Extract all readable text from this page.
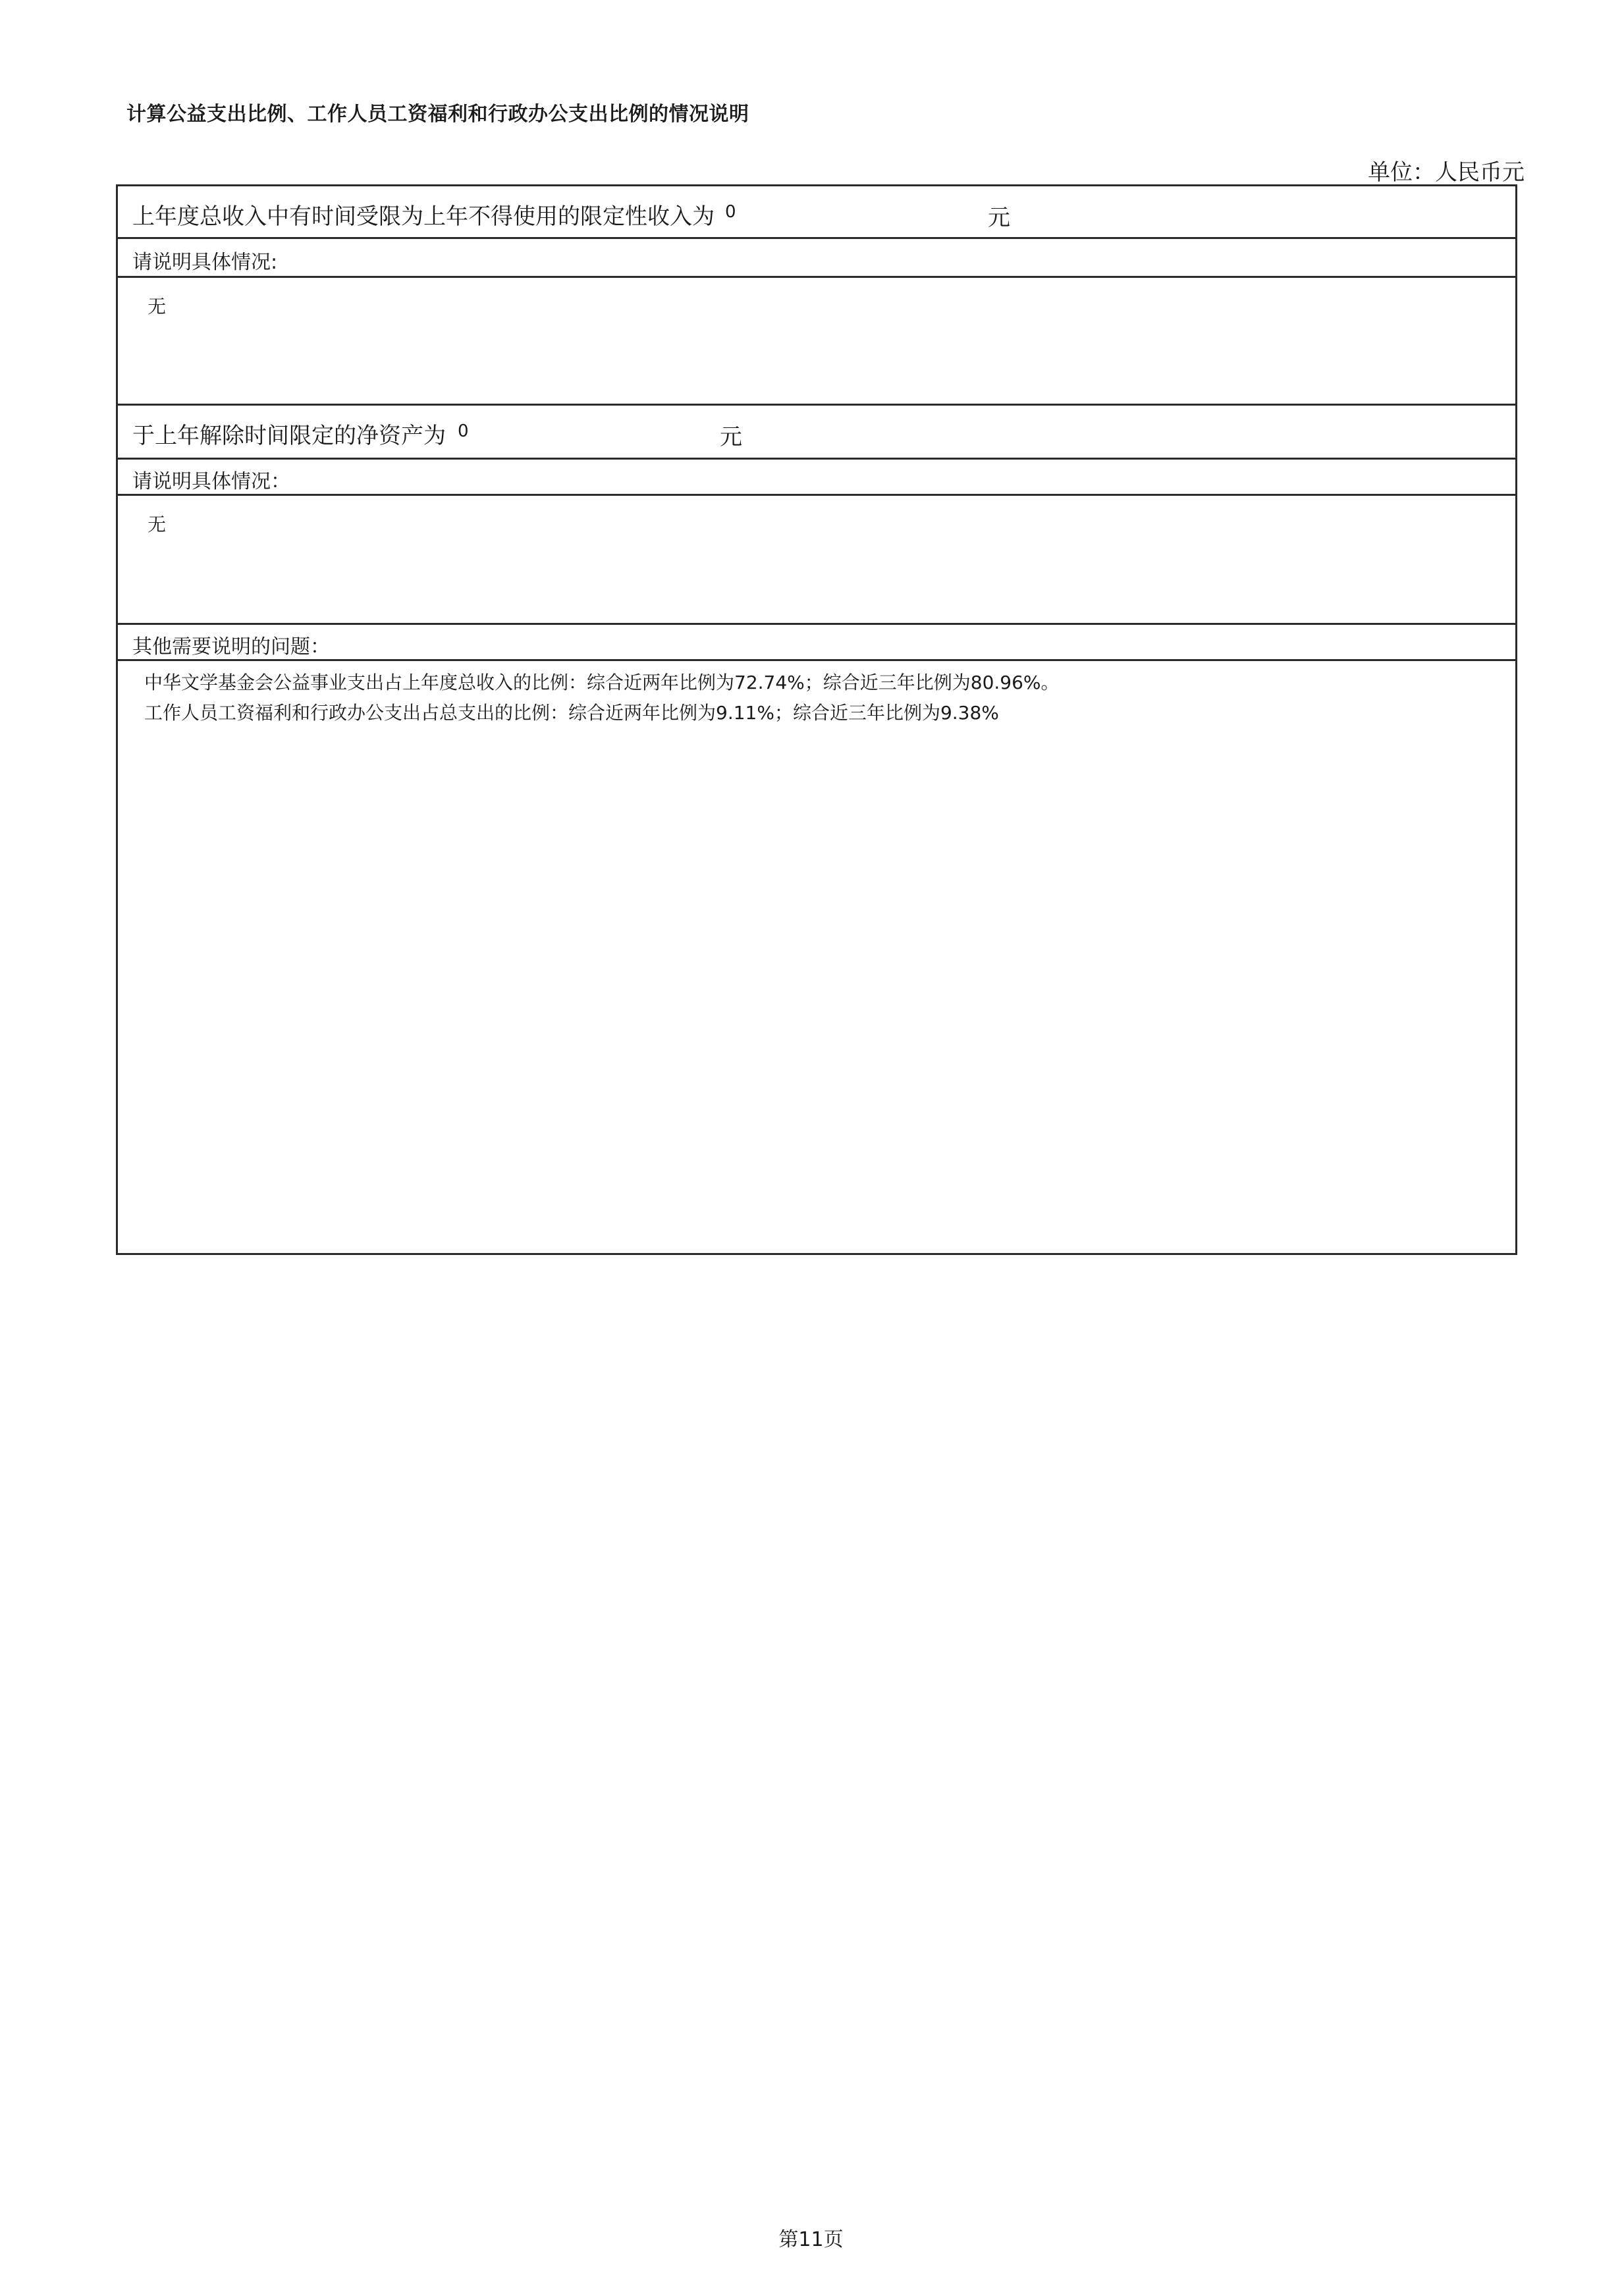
计算公益支出比例、工作人员工资福利和行政办公支出比例的情况说明
单位：人民币元
上年度总收入中有时间受限为上年不得使用的限定性收入为 0	元
请说明具体情况:
无
于上年解除时间限定的净资产为 0	元
请说明具体情况：
无
其他需要说明的问题：
中华文学基金会公益事业支出占上年度总收入的比例：综合近两年比例为72.74%；综合近三年比例为80.96%。
工作人员工资福利和行政办公支出占总支出的比例：综合近两年比例为9.11%；综合近三年比例为9.38%
第11页
